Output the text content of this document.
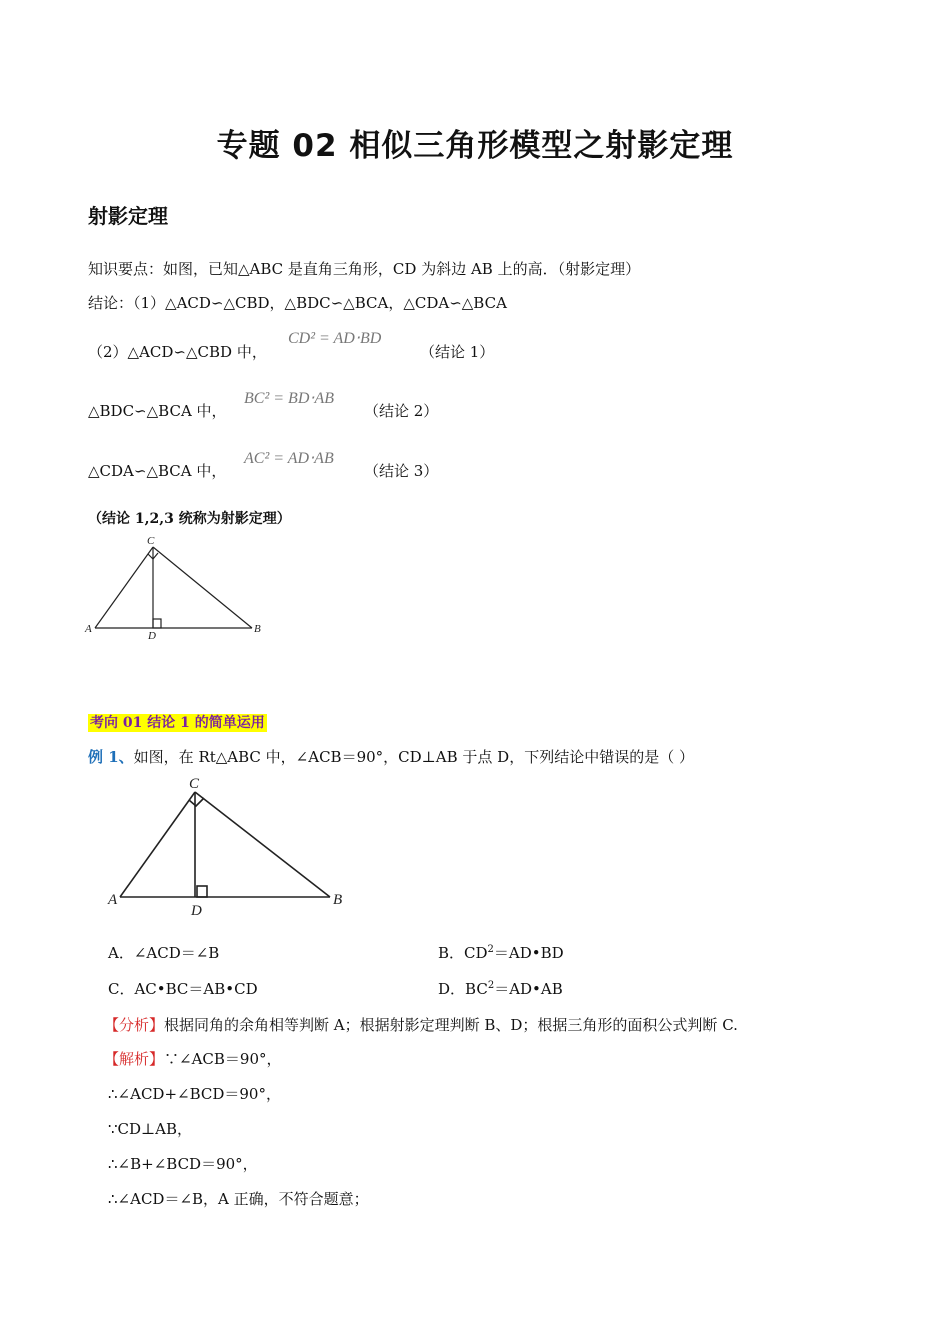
专题 02 相似三角形模型之射影定理
射影定理
知识要点：如图，已知△ABC 是直角三角形，CD 为斜边 AB 上的高．（射影定理）
结论：（1）△ACD∽△CBD，△BDC∽△BCA，△CDA∽△BCA
（2）△ACD∽△CBD 中，
CD² = AD⋅BD
（结论 1）
△BDC∽△BCA 中，
BC² = BD⋅AB
（结论 2）
△CDA∽△BCA 中，
AC² = AD⋅AB
（结论 3）
（结论 1,2,3 统称为射影定理）
A	B
C
D
考向 01 结论 1 的简单运用
例 1、如图，在 Rt△ABC 中，∠ACB＝90°，CD⊥AB 于点 D，下列结论中错误的是（ ）
A	B
C
D
A．∠ACD＝∠B	B．$CD^2=AD•BD$
C．AC•BC＝AB•CD	D．$BC^2=AD•AB$
【分析】根据同角的余角相等判断 A；根据射影定理判断 B、D；根据三角形的面积公式判断 C.
【解析】∵∠ACB＝90°，
∴∠ACD+∠BCD＝90°，
∵CD⊥AB，
∴∠B+∠BCD＝90°，
∴∠ACD＝∠B，A 正确，不符合题意；
